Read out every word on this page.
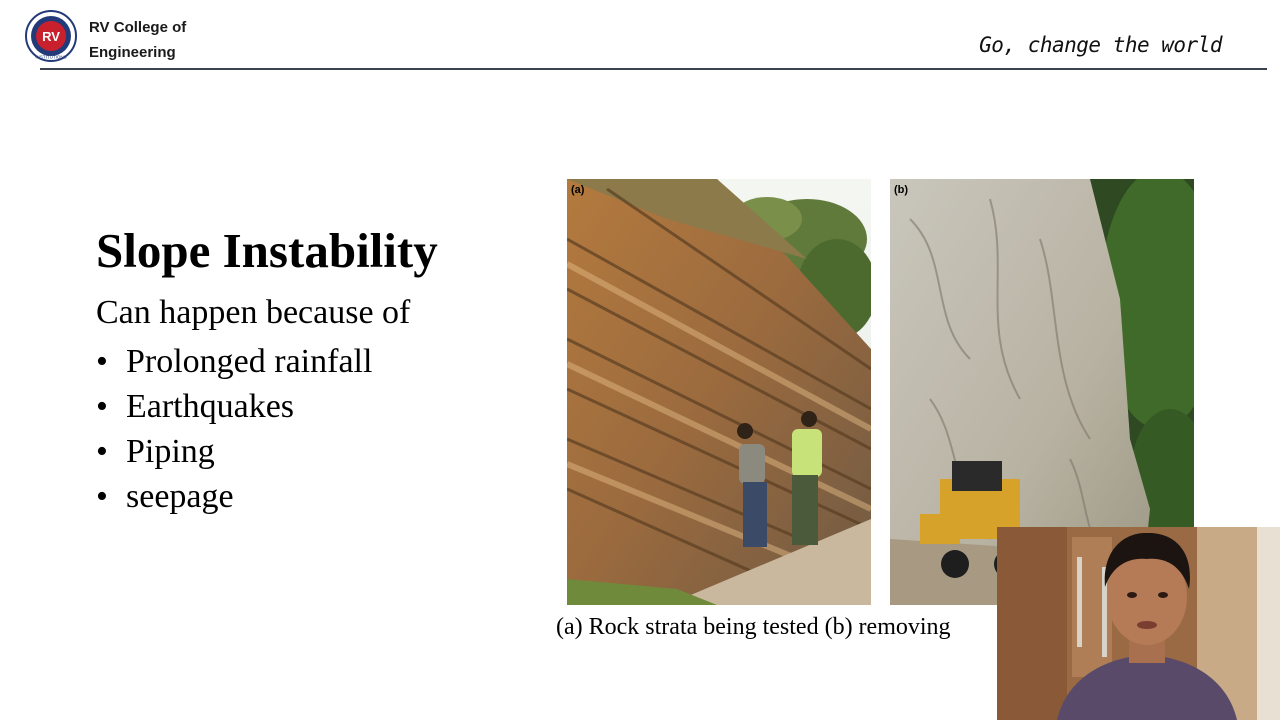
RV
INSTITUTIONS
RV College of
Engineering	Go, change the world
Slope Instability
Can happen because of
• Prolonged rainfall
• Earthquakes
• Piping
• seepage
(a)	(b)
(a) Rock strata being tested (b) removing
